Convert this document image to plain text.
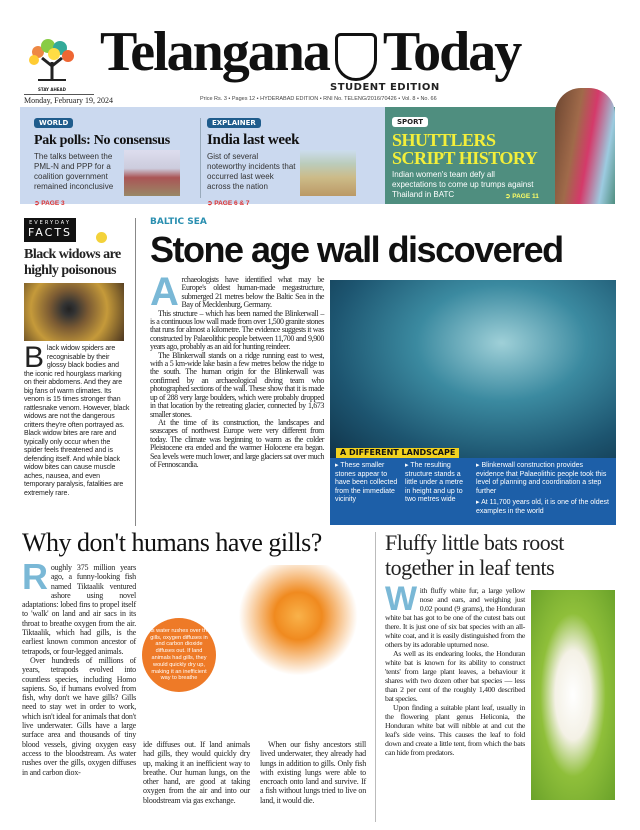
STAY AHEAD
Telangana Today
STUDENT EDITION
Monday, February 19, 2024	Price Rs. 3 • Pages 12 • HYDERABAD EDITION • RNI No. TELENG/2016/70426 • Vol. 8 • No. 66
WORLD
Pak polls: No consensus
The talks between the PML-N and PPP for a coalition government remained inconclusive
➲ PAGE 3
EXPLAINER
India last week
Gist of several noteworthy incidents that occurred last week across the nation
➲ PAGE 6 & 7
SPORT
SHUTTLERS SCRIPT HISTORY
Indian women's team defy all expectations to come up trumps against Thailand in BATC	➲ PAGE 11
EVERYDAY
FACTS
Black widows are highly poisonous
Black widow spiders are recognisable by their glossy black bodies and the iconic red hourglass marking on their abdomens. And they are big fans of warm climates. Its venom is 15 times stronger than rattlesnake venom. However, black widows are not the dangerous critters they're often portrayed as. Black widow bites are rare and typically only occur when the spider feels threatened and is defending itself. And while black widow bites can cause muscle aches, nausea, and even temporary paralysis, fatalities are extremely rare.
BALTIC SEA
Stone age wall discovered
A rchaeologists have identified what may be Europe's oldest human-made megastructure, submerged 21 metres below the Baltic Sea in the Bay of Mecklenburg, Germany.

This structure – which has been named the Blinkerwall – is a continuous low wall made from over 1,500 granite stones that runs for almost a kilometre. The evidence suggests it was constructed by Palaeolithic people between 11,700 and 9,900 years ago, probably as an aid for hunting reindeer.

The Blinkerwall stands on a ridge running east to west, with a 5 km-wide lake basin a few metres below the ridge to the south. The human origin for the Blinkerwall was confirmed by an archaeological diving team who photographed sections of the wall. These show that it is made up of 288 very large boulders, which were probably dropped in that location by the retreating glacier, connected by 1,673 smaller stones.

At the time of its construction, the landscapes and seascapes of northwest Europe were very different from today. The climate was beginning to warm as the colder Pleistocene era ended and the warmer Holocene era began. Sea levels were much lower, and large glaciers sat over much of Fennoscandia.

A DIFFERENT LANDSCAPE
▸ These smaller stones appear to have been collected from the immediate vicinity
▸ The resulting structure stands a little under a metre in height and up to two metres wide
▸ Blinkerwall construction provides evidence that Palaeolithic people took this level of planning and coordination a step further
▸ At 11,700 years old, it is one of the oldest examples in the world
Why don't humans have gills?
Roughly 375 million years ago, a funny-looking fish named Tiktaalik ventured ashore using novel adaptations: lobed fins to propel itself to 'walk' on land and air sacs in its throat to breathe oxygen from the air. Tiktaalik, which had gills, is the earliest known common ancestor of tetrapods, or four-legged animals.

Over hundreds of millions of years, tetrapods evolved into countless species, including Homo sapiens. So, if humans evolved from fish, why don't we have gills? Gills need to stay wet in order to work, which isn't ideal for animals that don't live underwater. Gills have a large surface area and thousands of tiny blood vessels, giving oxygen easy access to the bloodstream. As water rushes over the gills, oxygen diffuses in and carbon diox-

As water rushes over the gills, oxygen diffuses in and carbon dioxide diffuses out. If land animals had gills, they would quickly dry up, making it an inefficient way to breathe
ide diffuses out. If land animals had gills, they would quickly dry up, making it an inefficient way to breathe. Our human lungs, on the other hand, are good at taking oxygen from the air and into our bloodstream via gas exchange.
When our fishy ancestors still lived underwater, they already had lungs in addition to gills. Only fish with existing lungs were able to encroach onto land and survive. If a fish without lungs tried to live on land, it would die.
Fluffy little bats roost together in leaf tents
W ith fluffy white fur, a large yellow nose and ears, and weighing just 0.02 pound (9 grams), the Honduran white bat has got to be one of the cutest bats out there. It is just one of six bat species with an all-white coat, and it is easily distinguished from the others by its adorable upturned nose.

As well as its endearing looks, the Honduran white bat is known for its ability to construct 'tents' from large plant leaves, a behaviour it shares with two dozen other bat species — less than 2 per cent of the roughly 1,400 described bat species.

Upon finding a suitable plant leaf, usually in the flowering plant genus Heliconia, the Honduran white bat will nibble at and cut the leaf's side veins. This causes the leaf to fold down and create a little tent, from which the bats can hide from predators.
